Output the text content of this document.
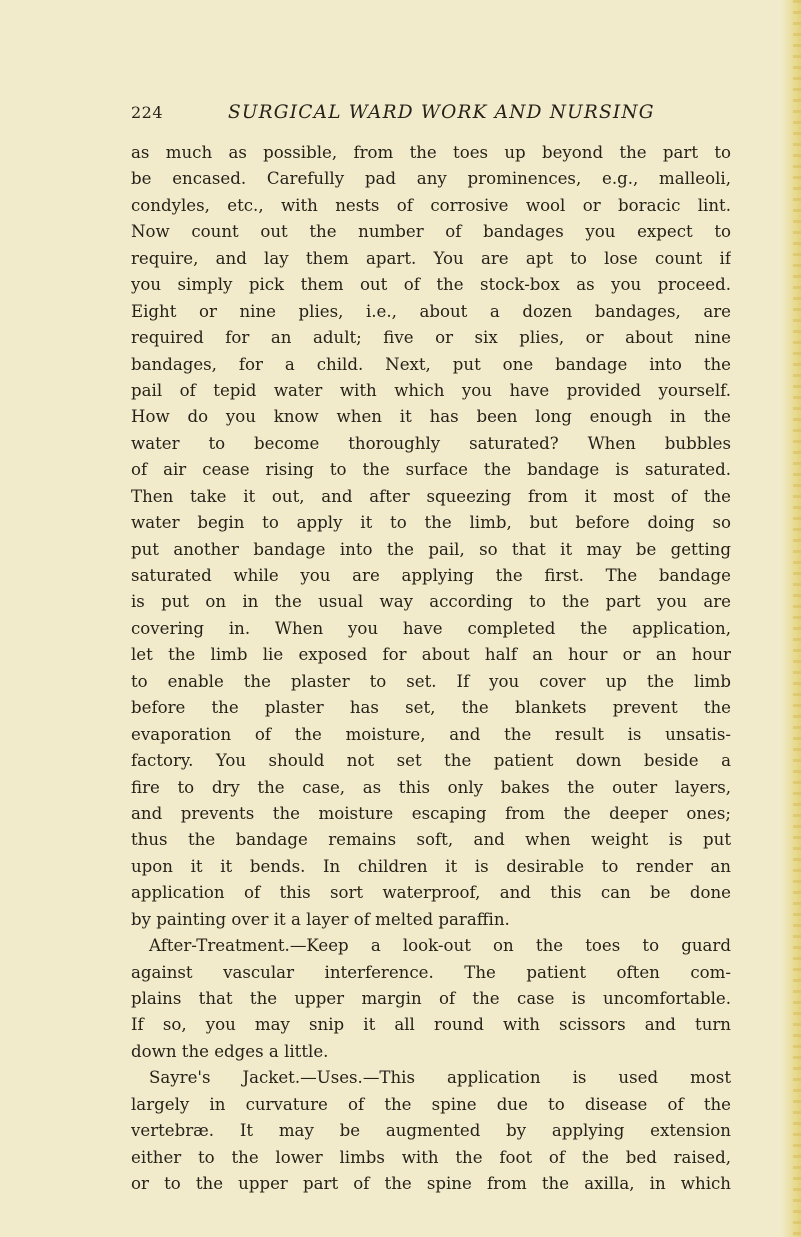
224	SURGICAL WARD WORK AND NURSING
as much as possible, from the toes up beyond the part to
be encased. Carefully pad any prominences, e.g., malleoli,
condyles, etc., with nests of corrosive wool or boracic lint.
Now count out the number of bandages you expect to
require, and lay them apart. You are apt to lose count if
you simply pick them out of the stock-box as you proceed.
Eight or nine plies, i.e., about a dozen bandages, are
required for an adult; five or six plies, or about nine
bandages, for a child. Next, put one bandage into the
pail of tepid water with which you have provided yourself.
How do you know when it has been long enough in the
water to become thoroughly saturated? When bubbles
of air cease rising to the surface the bandage is saturated.
Then take it out, and after squeezing from it most of the
water begin to apply it to the limb, but before doing so
put another bandage into the pail, so that it may be getting
saturated while you are applying the first. The bandage
is put on in the usual way according to the part you are
covering in. When you have completed the application,
let the limb lie exposed for about half an hour or an hour
to enable the plaster to set. If you cover up the limb
before the plaster has set, the blankets prevent the
evaporation of the moisture, and the result is unsatis-
factory. You should not set the patient down beside a
fire to dry the case, as this only bakes the outer layers,
and prevents the moisture escaping from the deeper ones;
thus the bandage remains soft, and when weight is put
upon it it bends. In children it is desirable to render an
application of this sort waterproof, and this can be done
by painting over it a layer of melted paraffin.
After-Treatment.—Keep a look-out on the toes to guard
against vascular interference. The patient often com-
plains that the upper margin of the case is uncomfortable.
If so, you may snip it all round with scissors and turn
down the edges a little.
Sayre's Jacket.—Uses.—This application is used most
largely in curvature of the spine due to disease of the
vertebræ. It may be augmented by applying extension
either to the lower limbs with the foot of the bed raised,
or to the upper part of the spine from the axilla, in which
